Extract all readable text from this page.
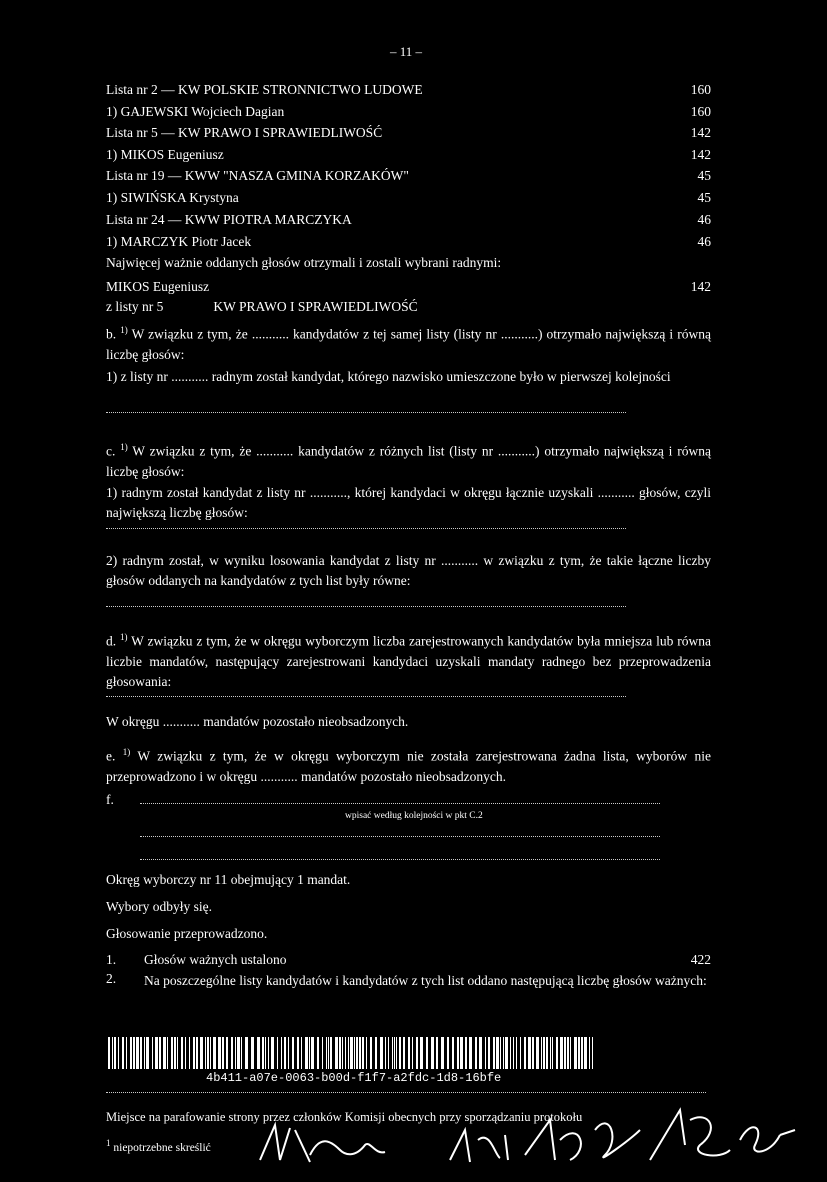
– 11 –
Lista nr 2 — KW POLSKIE STRONNICTWO LUDOWE	160
1) GAJEWSKI Wojciech Dagian	160
Lista nr 5 — KW PRAWO I SPRAWIEDLIWOŚĆ	142
1) MIKOS Eugeniusz	142
Lista nr 19 — KWW "NASZA GMINA KORZAKÓW"	45
1) SIWIŃSKA Krystyna	45
Lista nr 24 — KWW PIOTRA MARCZYKA	46
1) MARCZYK Piotr Jacek	46
Najwięcej ważnie oddanych głosów otrzymali i zostali wybrani radnymi:
MIKOS Eugeniusz	142
z listy nr 5	KW PRAWO I SPRAWIEDLIWOŚĆ
b. $^{1)}$ W związku z tym, że ........... kandydatów z tej samej listy (listy nr ...........) otrzymało największą i równą liczbę głosów:
1) z listy nr ........... radnym został kandydat, którego nazwisko umieszczone było w pierwszej kolejności
c. $^{1)}$ W związku z tym, że ........... kandydatów z różnych list (listy nr ...........) otrzymało największą i równą liczbę głosów:
1) radnym został kandydat z listy nr ..........., której kandydaci w okręgu łącznie uzyskali ........... głosów, czyli największą liczbę głosów:
2) radnym został, w wyniku losowania kandydat z listy nr ........... w związku z tym, że takie łączne liczby głosów oddanych na kandydatów z tych list były równe:
d. $^{1)}$ W związku z tym, że w okręgu wyborczym liczba zarejestrowanych kandydatów była mniejsza lub równa liczbie mandatów, następujący zarejestrowani kandydaci uzyskali mandaty radnego bez przeprowadzenia głosowania:
W okręgu ........... mandatów pozostało nieobsadzonych.
e. $^{1)}$ W związku z tym, że w okręgu wyborczym nie została zarejestrowana żadna lista, wyborów nie przeprowadzono i w okręgu ........... mandatów pozostało nieobsadzonych.
f.
wpisać według kolejności w pkt C.2
Okręg wyborczy nr 11 obejmujący 1 mandat.
Wybory odbyły się.
Głosowanie przeprowadzono.
1. Głosów ważnych ustalono	422
2. Na poszczególne listy kandydatów i kandydatów z tych list oddano następującą liczbę głosów ważnych:
4b411-a07e-0063-b00d-f1f7-a2fdc-1d8-16bfe
Miejsce na parafowanie strony przez członków Komisji obecnych przy sporządzaniu protokołu
$^1$ niepotrzebne skreślić
